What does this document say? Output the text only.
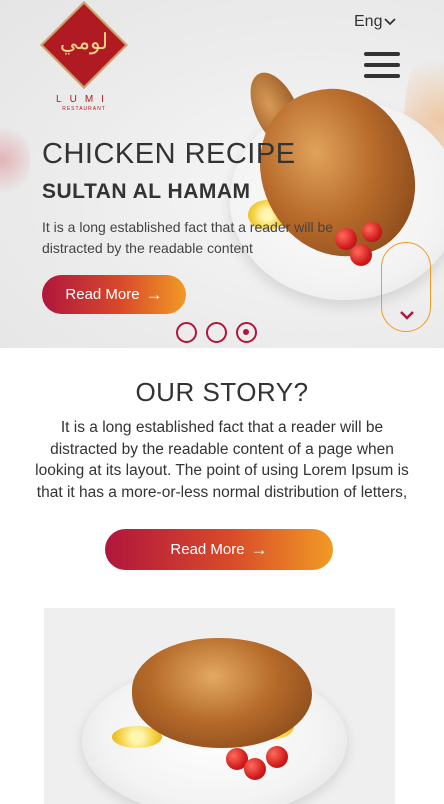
لومي
LUMI
RESTAURANT
Eng
CHICKEN RECIPE
SULTAN AL HAMAM
It is a long established fact that a reader will be distracted by the readable content
Read More →
OUR STORY?

It is a long established fact that a reader will be distracted by the readable content of a page when looking at its layout. The point of using Lorem Ipsum is that it has a more-or-less normal distribution of letters,

Read More →
